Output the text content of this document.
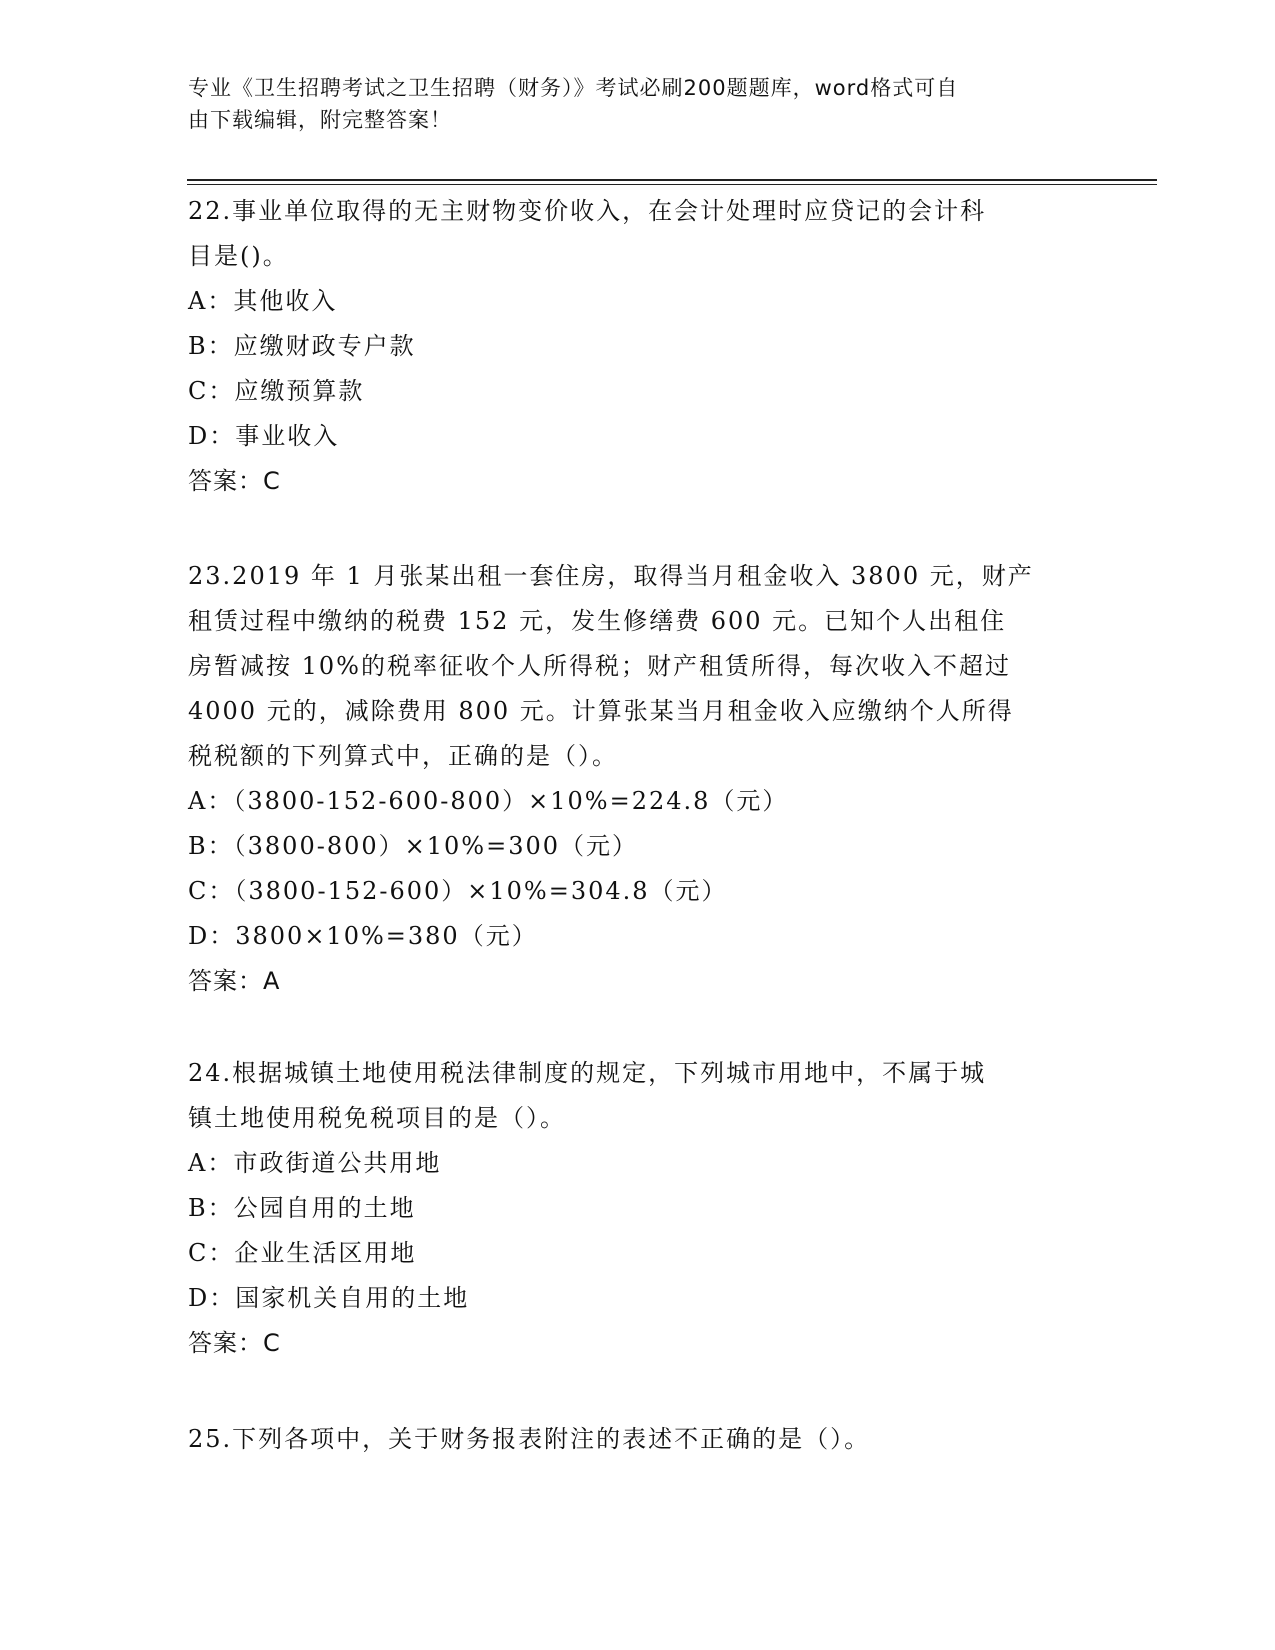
专业《卫生招聘考试之卫生招聘（财务）》考试必刷200题题库，word格式可自
由下载编辑，附完整答案！
22.事业单位取得的无主财物变价收入，在会计处理时应贷记的会计科
目是()。
A：其他收入
B：应缴财政专户款
C：应缴预算款
D：事业收入
答案：C
23.2019 年 1 月张某出租一套住房，取得当月租金收入 3800 元，财产
租赁过程中缴纳的税费 152 元，发生修缮费 600 元。已知个人出租住
房暂减按 10%的税率征收个人所得税；财产租赁所得，每次收入不超过
4000 元的，减除费用 800 元。计算张某当月租金收入应缴纳个人所得
税税额的下列算式中，正确的是（）。
A：（3800-152-600-800）×10%=224.8（元）
B：（3800-800）×10%=300（元）
C：（3800-152-600）×10%=304.8（元）
D：3800×10%=380（元）
答案：A
24.根据城镇土地使用税法律制度的规定，下列城市用地中，不属于城
镇土地使用税免税项目的是（）。
A：市政街道公共用地
B：公园自用的土地
C：企业生活区用地
D：国家机关自用的土地
答案：C
25.下列各项中，关于财务报表附注的表述不正确的是（）。
